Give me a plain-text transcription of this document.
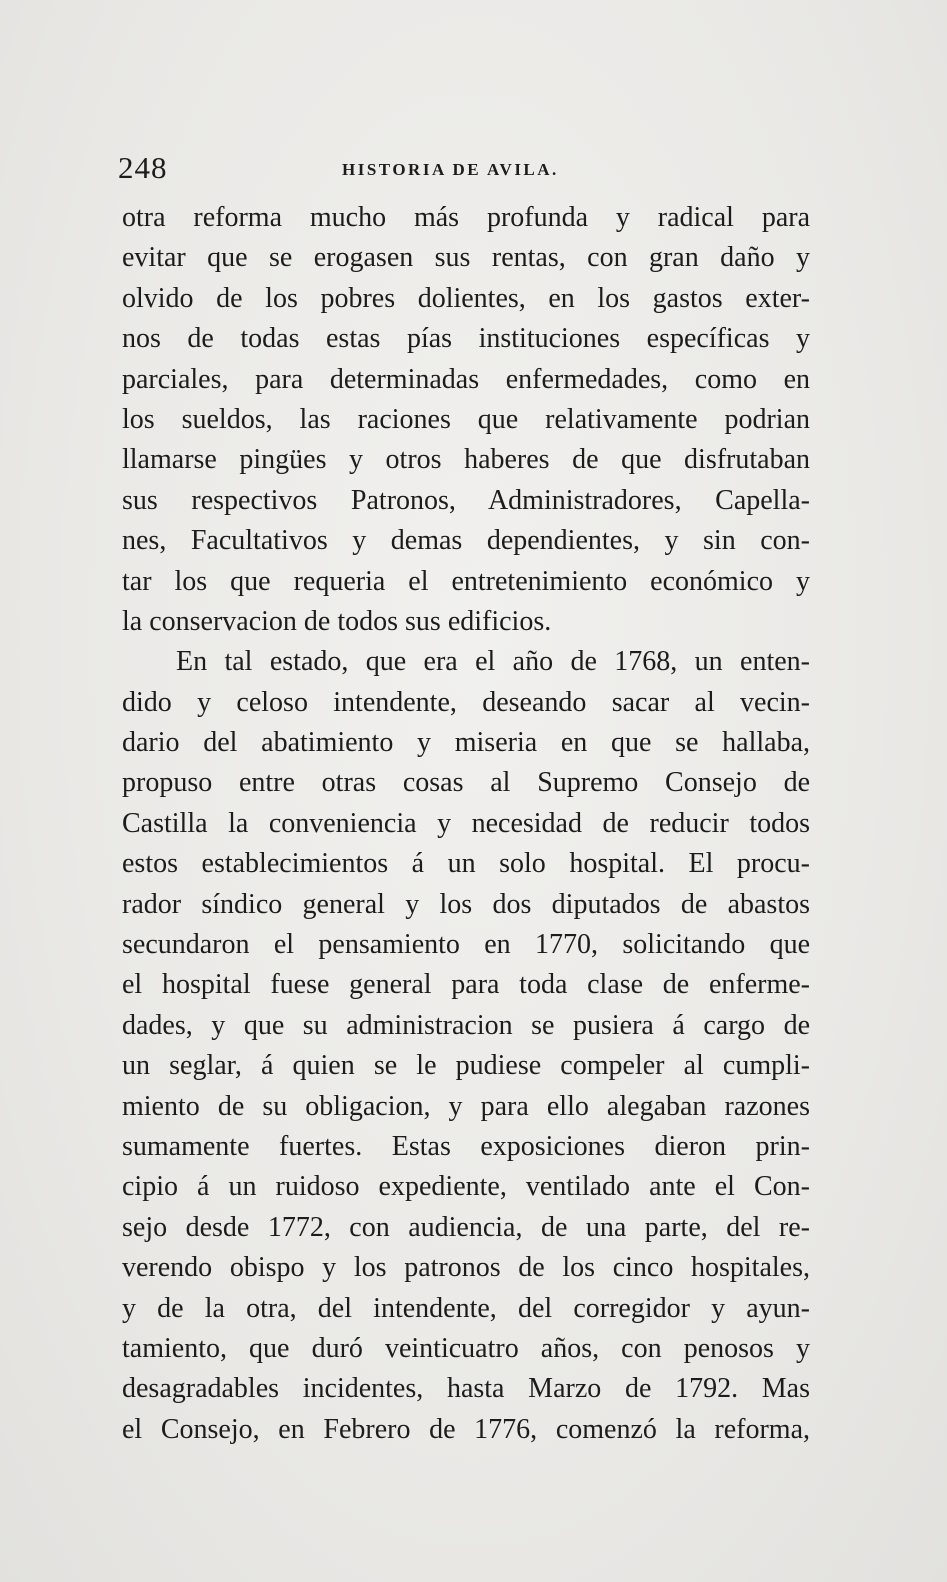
248	HISTORIA DE AVILA.
otra reforma mucho más profunda y radical para
evitar que se erogasen sus rentas, con gran daño y
olvido de los pobres dolientes, en los gastos exter-
nos de todas estas pías instituciones específicas y
parciales, para determinadas enfermedades, como en
los sueldos, las raciones que relativamente podrian
llamarse pingües y otros haberes de que disfrutaban
sus respectivos Patronos, Administradores, Capella-
nes, Facultativos y demas dependientes, y sin con-
tar los que requeria el entretenimiento económico y
la conservacion de todos sus edificios.
En tal estado, que era el año de 1768, un enten-
dido y celoso intendente, deseando sacar al vecin-
dario del abatimiento y miseria en que se hallaba,
propuso entre otras cosas al Supremo Consejo de
Castilla la conveniencia y necesidad de reducir todos
estos establecimientos á un solo hospital. El procu-
rador síndico general y los dos diputados de abastos
secundaron el pensamiento en 1770, solicitando que
el hospital fuese general para toda clase de enferme-
dades, y que su administracion se pusiera á cargo de
un seglar, á quien se le pudiese compeler al cumpli-
miento de su obligacion, y para ello alegaban razones
sumamente fuertes. Estas exposiciones dieron prin-
cipio á un ruidoso expediente, ventilado ante el Con-
sejo desde 1772, con audiencia, de una parte, del re-
verendo obispo y los patronos de los cinco hospitales,
y de la otra, del intendente, del corregidor y ayun-
tamiento, que duró veinticuatro años, con penosos y
desagradables incidentes, hasta Marzo de 1792. Mas
el Consejo, en Febrero de 1776, comenzó la reforma,
